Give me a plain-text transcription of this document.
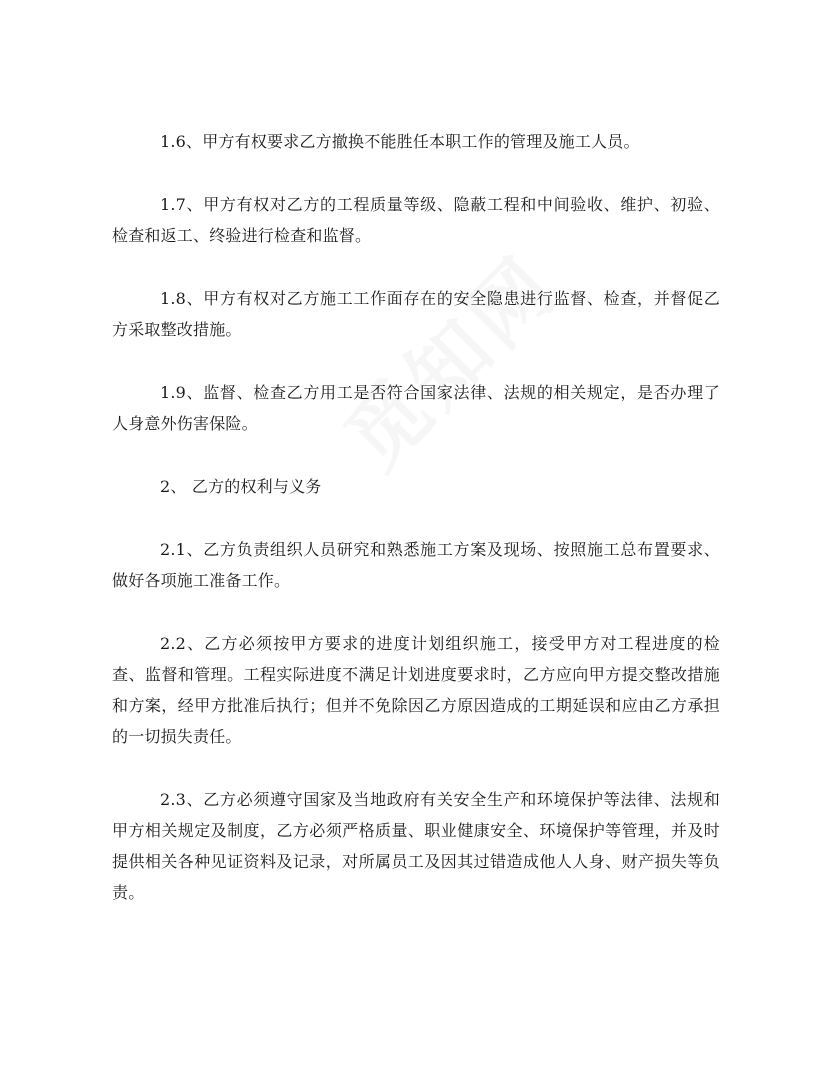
1.6、甲方有权要求乙方撤换不能胜任本职工作的管理及施工人员。

1.7、甲方有权对乙方的工程质量等级、隐蔽工程和中间验收、维护、初验、检查和返工、终验进行检查和监督。

1.8、甲方有权对乙方施工工作面存在的安全隐患进行监督、检查，并督促乙方采取整改措施。

1.9、监督、检查乙方用工是否符合国家法律、法规的相关规定，是否办理了人身意外伤害保险。

2、 乙方的权利与义务

2.1、乙方负责组织人员研究和熟悉施工方案及现场、按照施工总布置要求、做好各项施工准备工作。

2.2、乙方必须按甲方要求的进度计划组织施工，接受甲方对工程进度的检查、监督和管理。工程实际进度不满足计划进度要求时，乙方应向甲方提交整改措施和方案，经甲方批准后执行；但并不免除因乙方原因造成的工期延误和应由乙方承担的一切损失责任。

2.3、乙方必须遵守国家及当地政府有关安全生产和环境保护等法律、法规和甲方相关规定及制度，乙方必须严格质量、职业健康安全、环境保护等管理，并及时提供相关各种见证资料及记录，对所属员工及因其过错造成他人人身、财产损失等负责。
